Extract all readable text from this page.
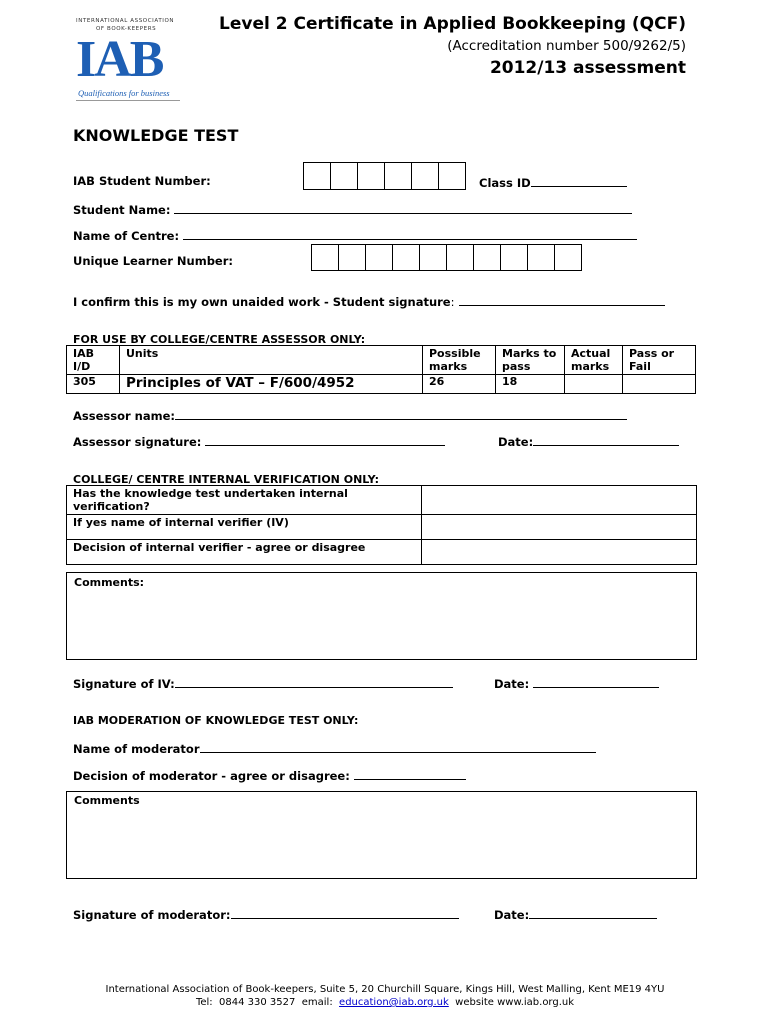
INTERNATIONAL ASSOCIATION
OF BOOK-KEEPERS
IAB
Qualifications for business
Level 2 Certificate in Applied Bookkeeping (QCF)
(Accreditation number 500/9262/5)
2012/13 assessment
KNOWLEDGE TEST
IAB Student Number:	Class ID
Student Name:
Name of Centre:
Unique Learner Number:
I confirm this is my own unaided work - Student signature:
FOR USE BY COLLEGE/CENTRE ASSESSOR ONLY:
IAB I/D	Units	Possible marks	Marks to pass	Actual marks	Pass or Fail
305	Principles of VAT – F/600/4952	26	18		
Assessor name:
Assessor signature:	Date:
COLLEGE/ CENTRE INTERNAL VERIFICATION ONLY:
Has the knowledge test undertaken internal verification?	
If yes name of internal verifier (IV)	
Decision of internal verifier - agree or disagree	
Comments:
Signature of IV:	Date:
IAB MODERATION OF KNOWLEDGE TEST ONLY:
Name of moderator
Decision of moderator - agree or disagree:
Comments
Signature of moderator:	Date:
International Association of Book-keepers, Suite 5, 20 Churchill Square, Kings Hill, West Malling, Kent ME19 4YU
Tel:  0844 330 3527  email:  education@iab.org.uk  website www.iab.org.uk
